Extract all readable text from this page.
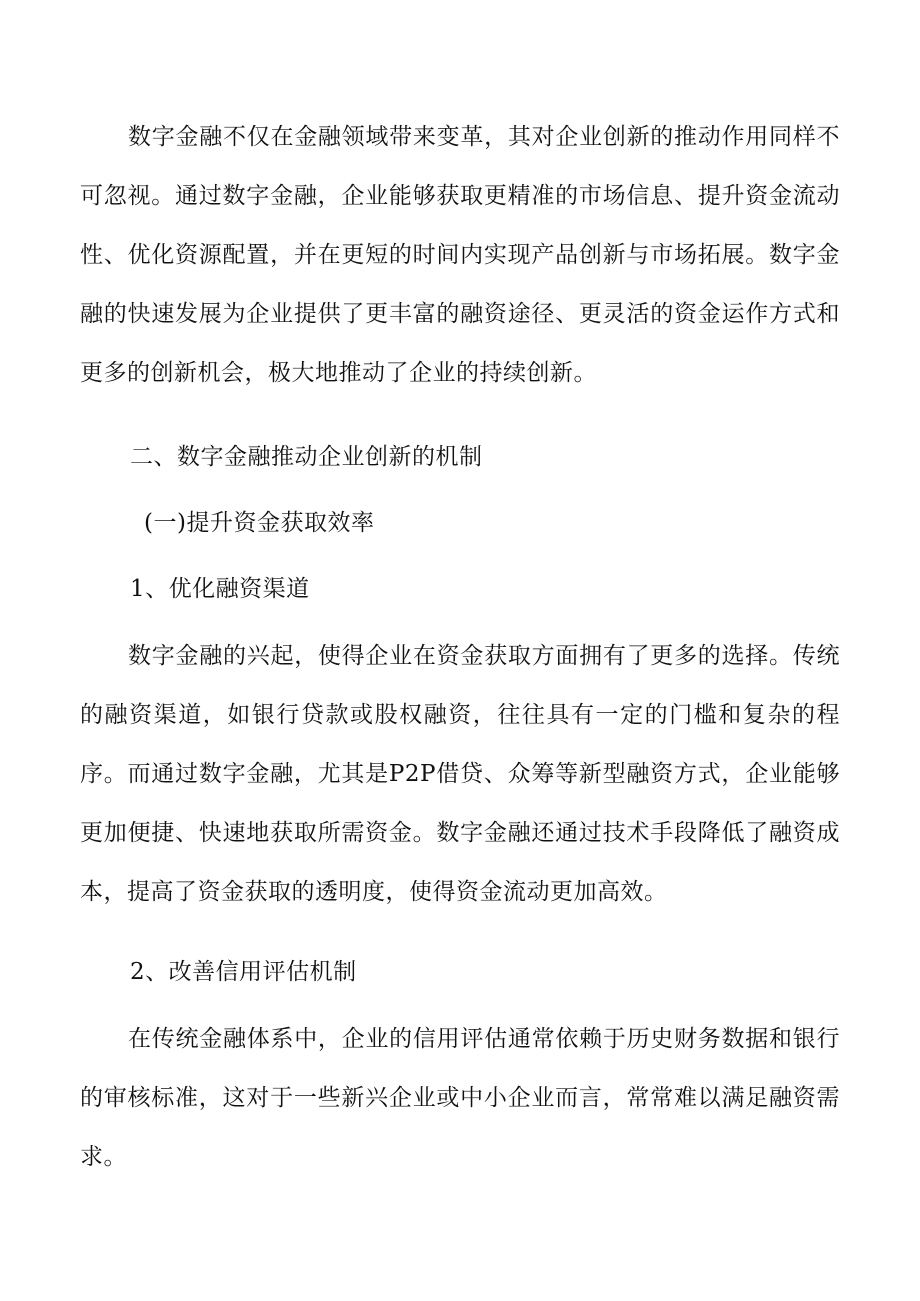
数字金融不仅在金融领域带来变革，其对企业创新的推动作用同样不可忽视。通过数字金融，企业能够获取更精准的市场信息、提升资金流动性、优化资源配置，并在更短的时间内实现产品创新与市场拓展。数字金融的快速发展为企业提供了更丰富的融资途径、更灵活的资金运作方式和更多的创新机会，极大地推动了企业的持续创新。

二、数字金融推动企业创新的机制

(一)提升资金获取效率

1、优化融资渠道

数字金融的兴起，使得企业在资金获取方面拥有了更多的选择。传统的融资渠道，如银行贷款或股权融资，往往具有一定的门槛和复杂的程序。而通过数字金融，尤其是P2P借贷、众筹等新型融资方式，企业能够更加便捷、快速地获取所需资金。数字金融还通过技术手段降低了融资成本，提高了资金获取的透明度，使得资金流动更加高效。

2、改善信用评估机制

在传统金融体系中，企业的信用评估通常依赖于历史财务数据和银行的审核标准，这对于一些新兴企业或中小企业而言，常常难以满足融资需求。
